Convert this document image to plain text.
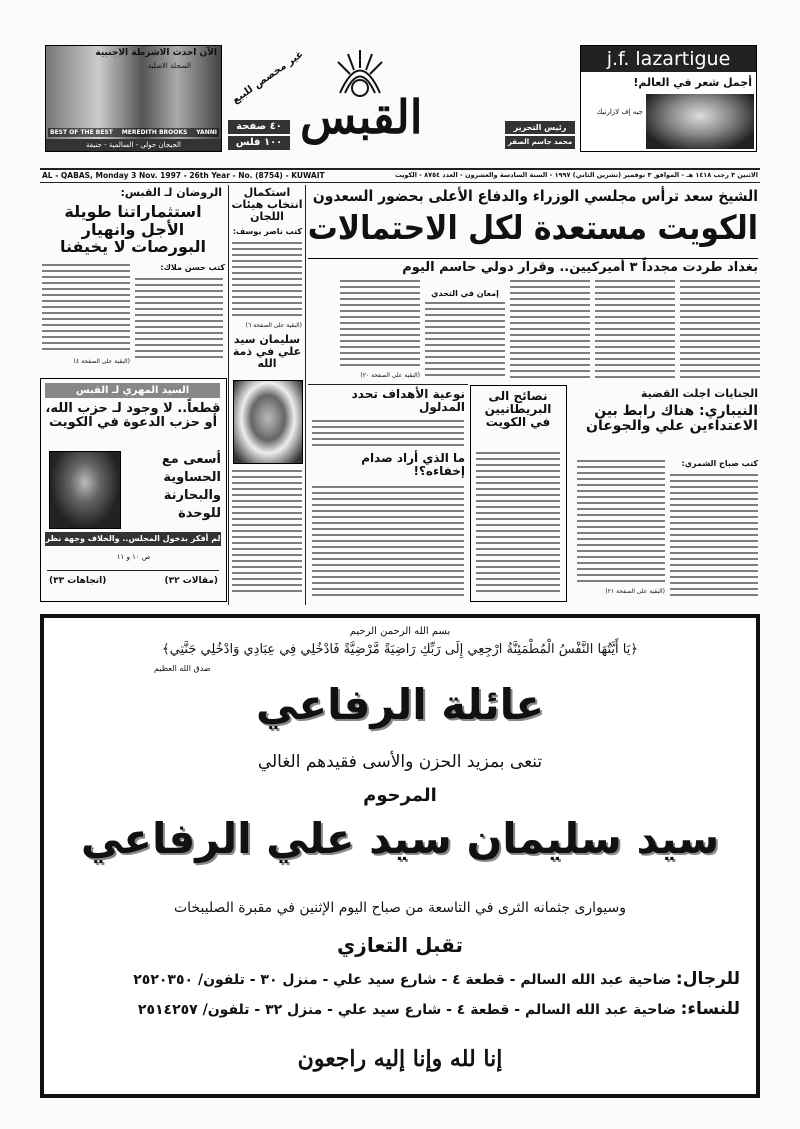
الآن احدث الاشرطة الاجنبية
السجلة الاصلية
BEST OF THE BEST MEREDITH BROOKS YANNI
الجيجان حولي - السالمية - جنيفة
غير مخصص للبيع
٤٠ صفحة
١٠٠ فلس القبس	رئيس التحرير
محمد جاسم الصقر
j.f. lazartigue
أجمل شعر في العالم!
جيه إف لازارتيك
AL - QABAS, Monday 3 Nov. 1997 - 26th Year - No. (8754) - KUWAIT	الاثنين ٣ رجب ١٤١٨ هـ - الموافق ٣ نوفمبر (تشرين الثاني) ١٩٩٧ - السنة السادسة والعشرون - العدد ٨٧٥٤ - الكويت
الشيخ سعد ترأس مجلسي الوزراء والدفاع الأعلى بحضور السعدون
الكويت مستعدة لكل الاحتمالات
بغداد طردت مجدداً ٣ أميركيين.. وقرار دولي حاسم اليوم
إمعان في التحدي
(البقية على الصفحة ٢٠)
استكمال انتخاب هيئات اللجان
كتب ناصر يوسف:
(البقية على الصفحة ٦)
سليمان سيد علي في ذمة الله
الروضان لـ القبس:
استثماراتنا طويلة الأجل وانهيار البورصات لا يخيفنا
كتب حسن ملاك:
(البقية على الصفحة ٤)
السيد المهري لـ القبس
قطعاً.. لا وجود لـ حزب الله، أو حزب الدعوة في الكويت
أسعى مع
الحساوية
والبحارنة
للوحدة
لم أفكر بدخول المجلس.. والخلاف وجهة نظر
ص ١٠ و ١١
(مقالات ٣٢)
(اتجاهات ٣٣)
نوعية الأهداف تحدد المدلول
ما الذي أراد صدام إخفاءه؟!
نصائح الى البريطانيين في الكويت
الجنايات اجلت القضية
النيباري: هناك رابط بين الاعتداءين علي والجوعان
كتب صباح الشمري:
(البقية على الصفحة ٢١)
بسم الله الرحمن الرحيم
﴿يَا أَيَّتُهَا النَّفْسُ الْمُطْمَئِنَّةُ ارْجِعِي إِلَى رَبِّكِ رَاضِيَةً مَّرْضِيَّةً فَادْخُلِي فِي عِبَادِي وَادْخُلِي جَنَّتِي﴾
صدق الله العظيم
عائلة الرفاعي
تنعى بمزيد الحزن والأسى فقيدهم الغالي
المرحوم
سيد سليمان سيد علي الرفاعي
وسيوارى جثمانه الثرى في التاسعة من صباح اليوم الإثنين في مقبرة الصليبخات
تقبل التعازي
للرجال: ضاحية عبد الله السالم - قطعة ٤ - شارع سيد علي - منزل ٣٠ - تلفون/ ٢٥٢٠٣٥٠
للنساء: ضاحية عبد الله السالم - قطعة ٤ - شارع سيد علي - منزل ٣٢ - تلفون/ ٢٥١٤٢٥٧
إنا لله وإنا إليه راجعون
